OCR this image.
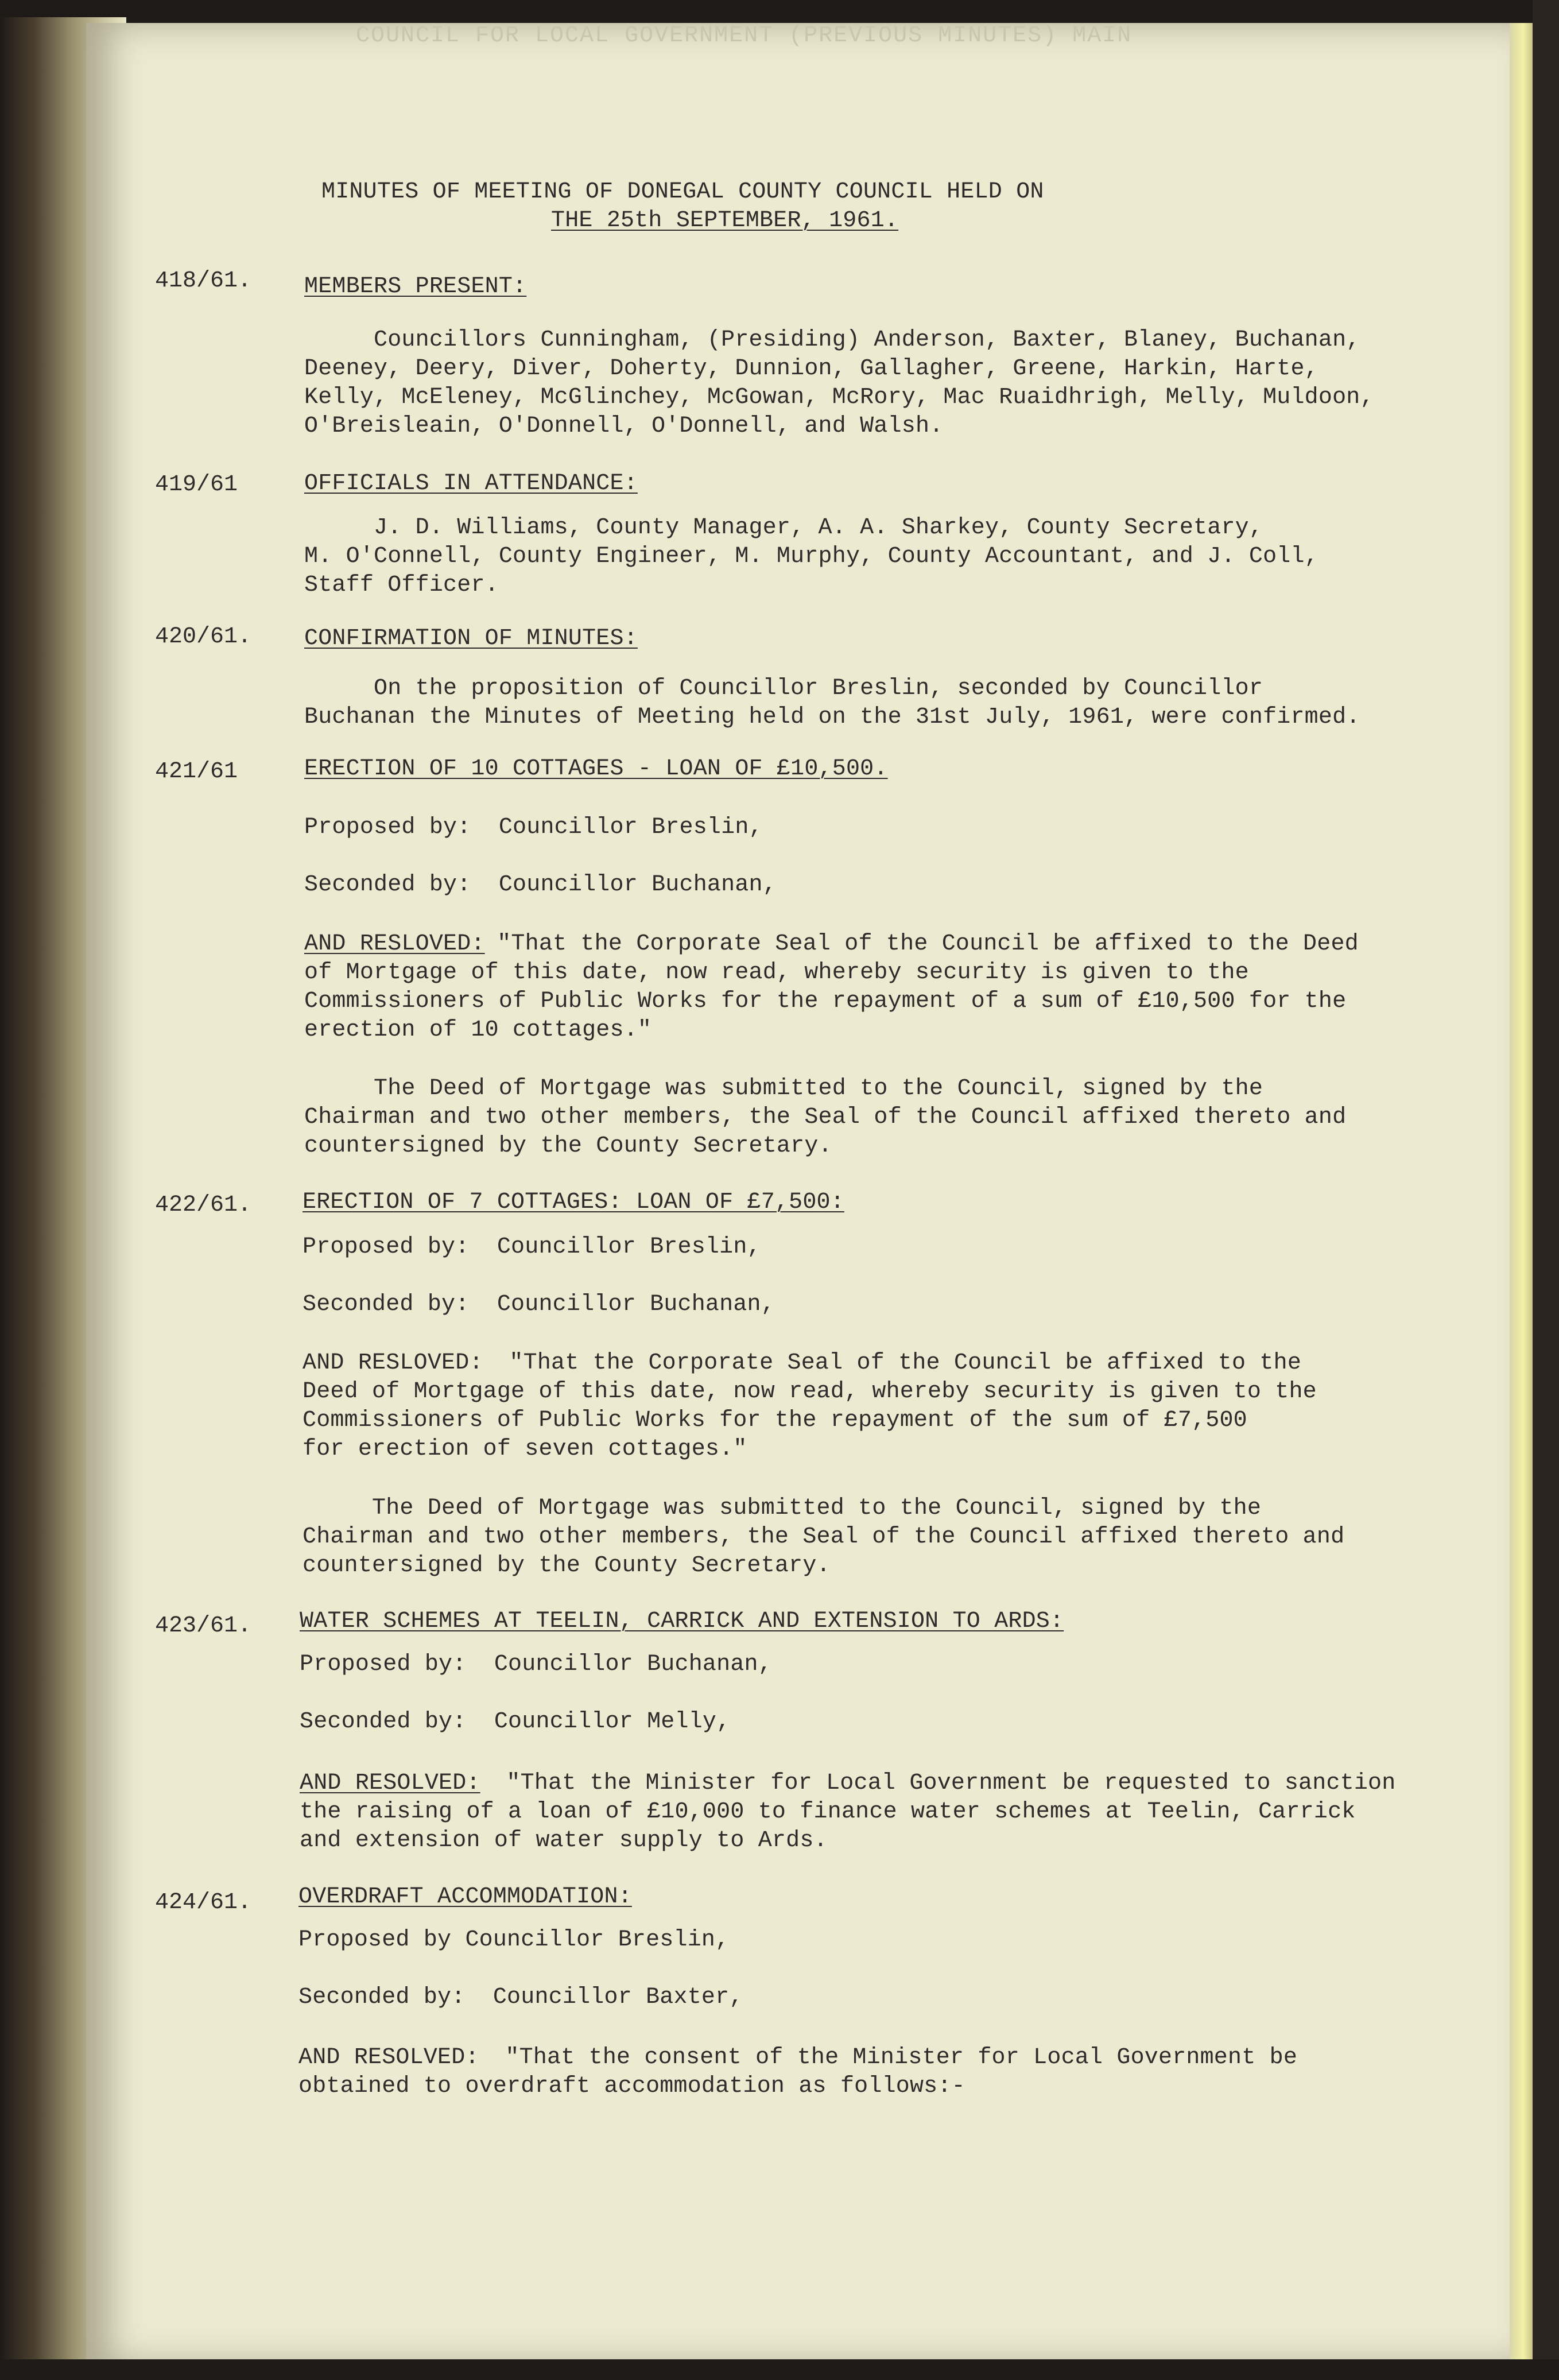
COUNCIL FOR LOCAL GOVERNMENT (PREVIOUS MINUTES) MAIN
MINUTES OF MEETING OF DONEGAL COUNTY COUNCIL HELD ON
THE 25th SEPTEMBER, 1961.
418/61. MEMBERS PRESENT:
Councillors Cunningham, (Presiding) Anderson, Baxter, Blaney, Buchanan,
Deeney, Deery, Diver, Doherty, Dunnion, Gallagher, Greene, Harkin, Harte,
Kelly, McEleney, McGlinchey, McGowan, McRory, Mac Ruaidhrigh, Melly, Muldoon,
O'Breisleain, O'Donnell, O'Donnell, and Walsh.
419/61	OFFICIALS IN ATTENDANCE:
J. D. Williams, County Manager, A. A. Sharkey, County Secretary,
M. O'Connell, County Engineer, M. Murphy, County Accountant, and J. Coll,
Staff Officer.
420/61. CONFIRMATION OF MINUTES:
On the proposition of Councillor Breslin, seconded by Councillor
Buchanan the Minutes of Meeting held on the 31st July, 1961, were confirmed.
421/61	ERECTION OF 10 COTTAGES - LOAN OF £10,500.
Proposed by:  Councillor Breslin,
Seconded by:  Councillor Buchanan,
AND RESLOVED:
"That the Corporate Seal of the Council be affixed to the Deed
of Mortgage of this date, now read, whereby security is given to the
Commissioners of Public Works for the repayment of a sum of £10,500 for the
erection of 10 cottages."
The Deed of Mortgage was submitted to the Council, signed by the
Chairman and two other members, the Seal of the Council affixed thereto and
countersigned by the County Secretary.
422/61. ERECTION OF 7 COTTAGES: LOAN OF £7,500:
Proposed by:  Councillor Breslin,
Seconded by:  Councillor Buchanan,
AND RESLOVED:
"That the Corporate Seal of the Council be affixed to the
Deed of Mortgage of this date, now read, whereby security is given to the
Commissioners of Public Works for the repayment of the sum of £7,500
for erection of seven cottages."
The Deed of Mortgage was submitted to the Council, signed by the
Chairman and two other members, the Seal of the Council affixed thereto and
countersigned by the County Secretary.
423/61. WATER SCHEMES AT TEELIN, CARRICK AND EXTENSION TO ARDS:
Proposed by:  Councillor Buchanan,
Seconded by:  Councillor Melly,
AND RESOLVED:
"That the Minister for Local Government be requested to sanction
the raising of a loan of £10,000 to finance water schemes at Teelin, Carrick
and extension of water supply to Ards.
424/61. OVERDRAFT ACCOMMODATION:
Proposed by Councillor Breslin,
Seconded by:  Councillor Baxter,
AND RESOLVED:
"That the consent of the Minister for Local Government be
obtained to overdraft accommodation as follows:-
